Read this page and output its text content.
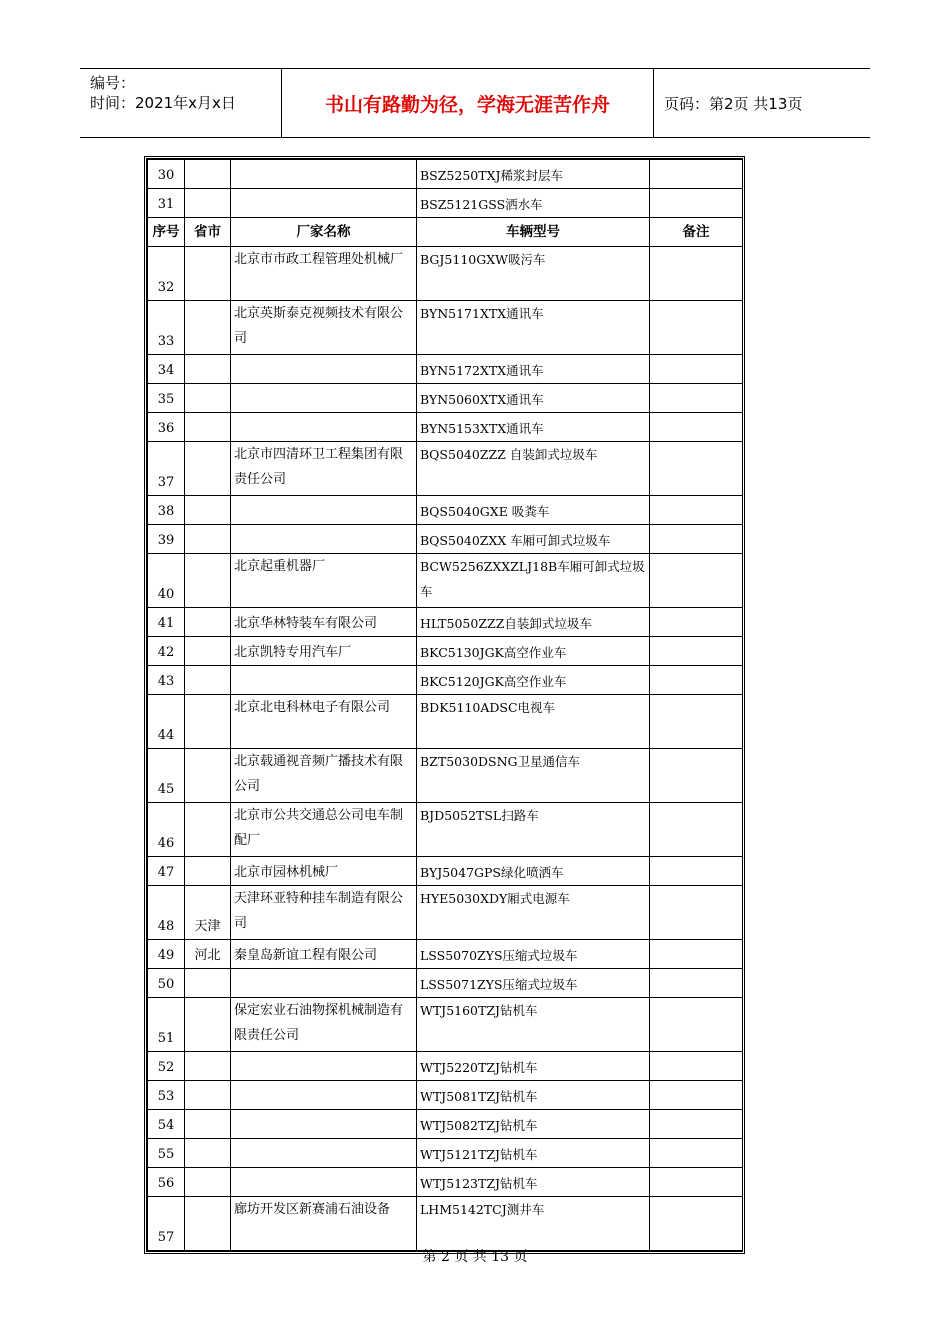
编号：
时间：2021年x月x日	书山有路勤为径，学海无涯苦作舟	页码：第2页 共13页
30			BSZ5250TXJ稀浆封层车	
31			BSZ5121GSS洒水车	
序号	省市	厂家名称	车辆型号	备注
32		北京市市政工程管理处机械厂	BGJ5110GXW吸污车	
33		北京英斯泰克视频技术有限公司	BYN5171XTX通讯车	
34			BYN5172XTX通讯车	
35			BYN5060XTX通讯车	
36			BYN5153XTX通讯车	
37		北京市四清环卫工程集团有限责任公司	BQS5040ZZZ 自装卸式垃圾车	
38			BQS5040GXE 吸粪车	
39			BQS5040ZXX 车厢可卸式垃圾车	
40		北京起重机器厂	BCW5256ZXXZLJ18B车厢可卸式垃圾车	
41		北京华林特装车有限公司	HLT5050ZZZ自装卸式垃圾车	
42		北京凯特专用汽车厂	BKC5130JGK高空作业车	
43			BKC5120JGK高空作业车	
44		北京北电科林电子有限公司	BDK5110ADSC电视车	
45		北京载通视音频广播技术有限公司	BZT5030DSNG卫星通信车	
46		北京市公共交通总公司电车制配厂	BJD5052TSL扫路车	
47		北京市园林机械厂	BYJ5047GPS绿化喷洒车	
48	天津	天津环亚特种挂车制造有限公司	HYE5030XDY厢式电源车	
49	河北	秦皇岛新谊工程有限公司	LSS5070ZYS压缩式垃圾车	
50			LSS5071ZYS压缩式垃圾车	
51		保定宏业石油物探机械制造有限责任公司	WTJ5160TZJ钻机车	
52			WTJ5220TZJ钻机车	
53			WTJ5081TZJ钻机车	
54			WTJ5082TZJ钻机车	
55			WTJ5121TZJ钻机车	
56			WTJ5123TZJ钻机车	
57		廊坊开发区新赛浦石油设备	LHM5142TCJ测井车	
第 2 页 共 13 页
